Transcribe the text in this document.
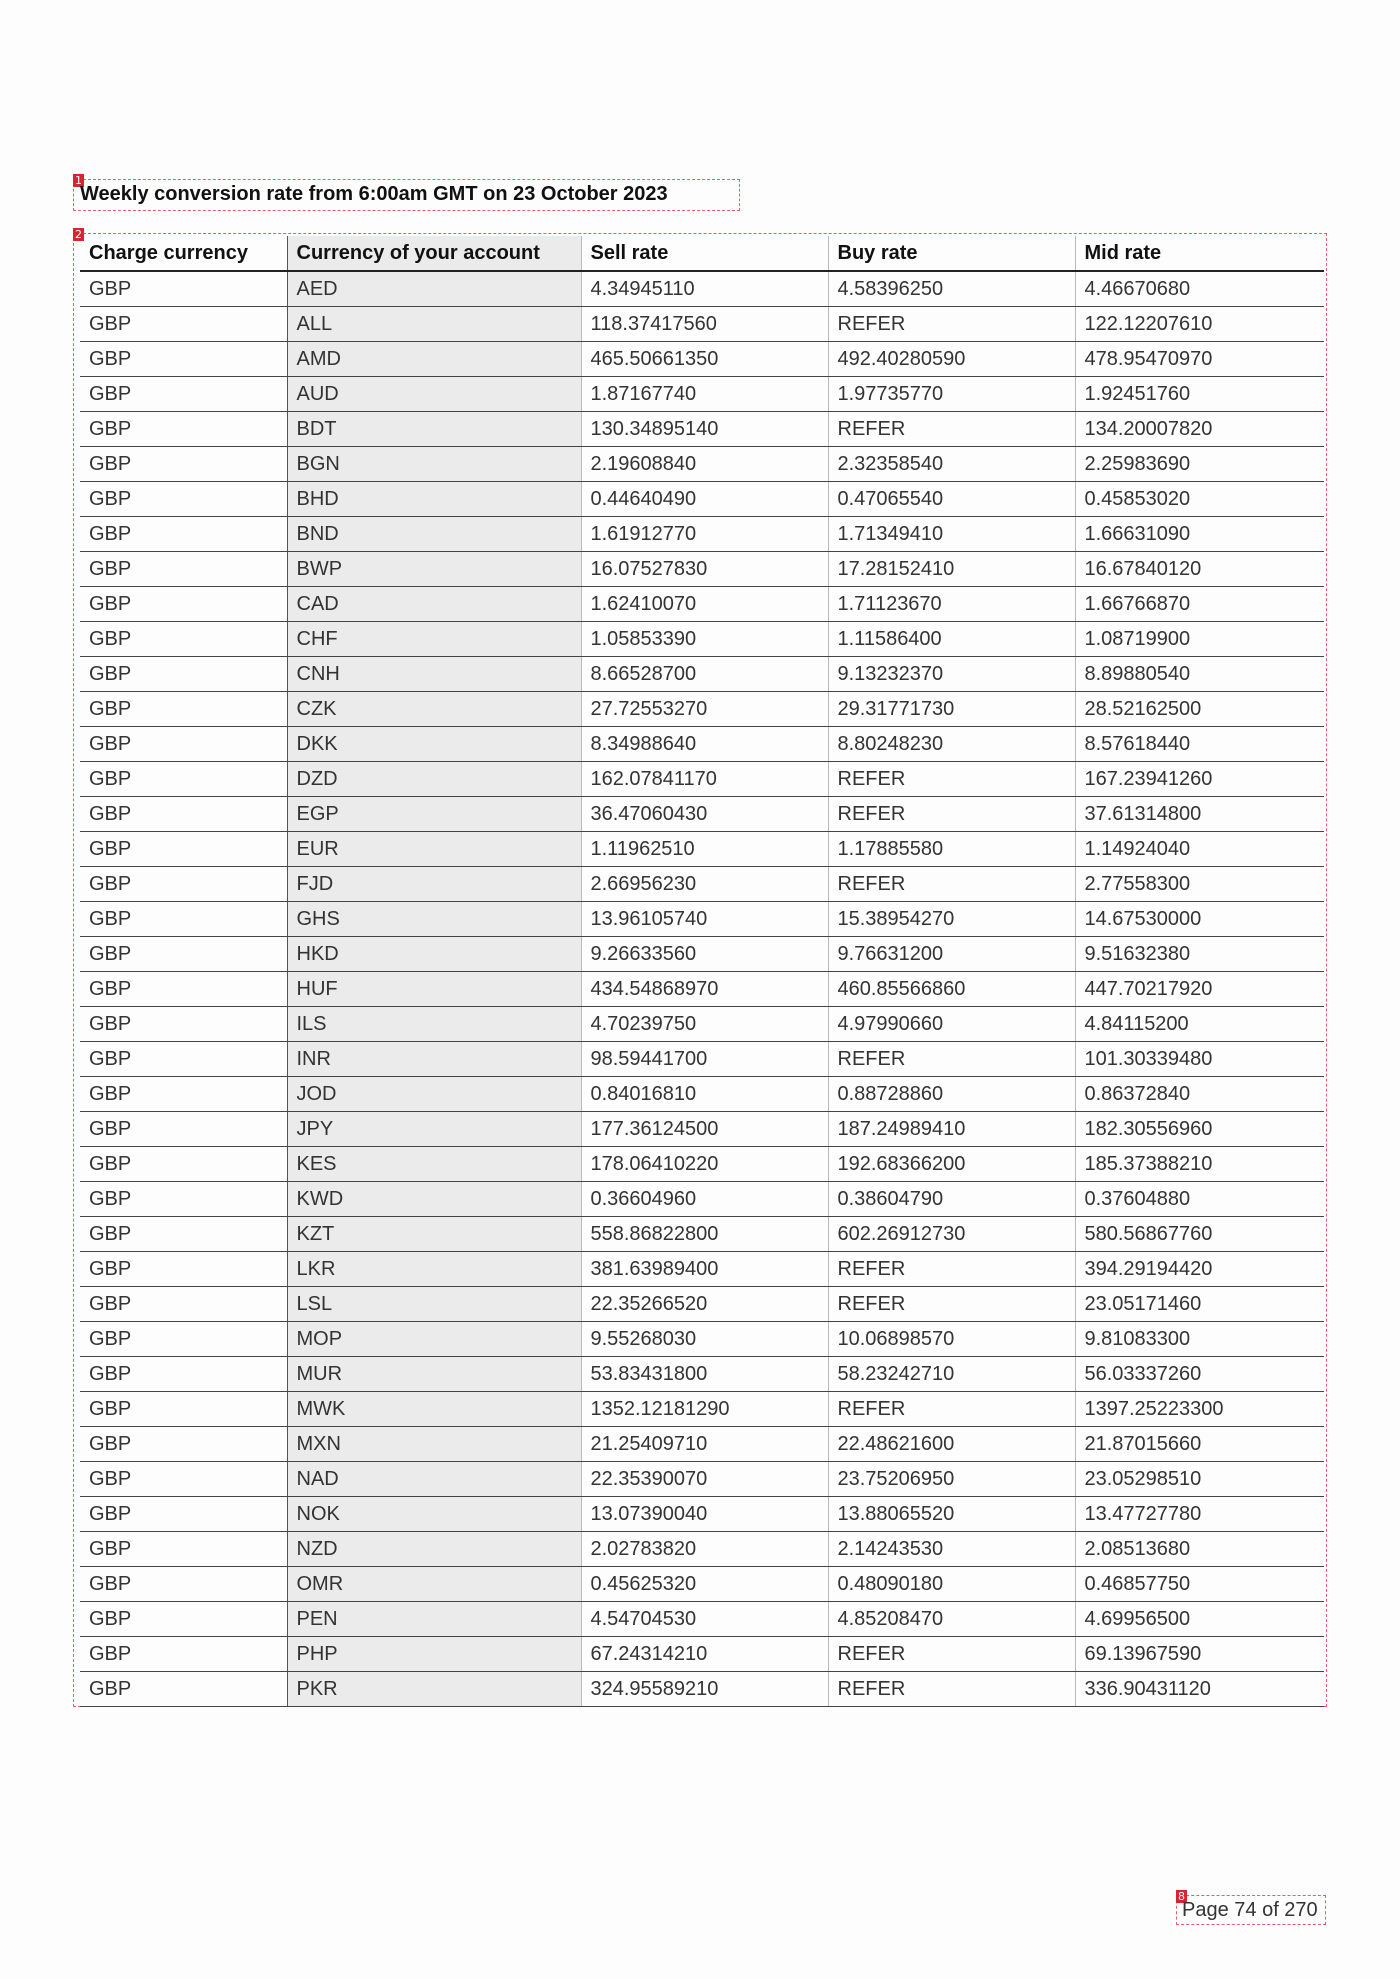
1
2
8
Weekly conversion rate from 6:00am GMT on 23 October 2023
Charge currency	Currency of your account	Sell rate	Buy rate	Mid rate
GBP	AED	4.34945110	4.58396250	4.46670680
GBP	ALL	118.37417560	REFER	122.12207610
GBP	AMD	465.50661350	492.40280590	478.95470970
GBP	AUD	1.87167740	1.97735770	1.92451760
GBP	BDT	130.34895140	REFER	134.20007820
GBP	BGN	2.19608840	2.32358540	2.25983690
GBP	BHD	0.44640490	0.47065540	0.45853020
GBP	BND	1.61912770	1.71349410	1.66631090
GBP	BWP	16.07527830	17.28152410	16.67840120
GBP	CAD	1.62410070	1.71123670	1.66766870
GBP	CHF	1.05853390	1.11586400	1.08719900
GBP	CNH	8.66528700	9.13232370	8.89880540
GBP	CZK	27.72553270	29.31771730	28.52162500
GBP	DKK	8.34988640	8.80248230	8.57618440
GBP	DZD	162.07841170	REFER	167.23941260
GBP	EGP	36.47060430	REFER	37.61314800
GBP	EUR	1.11962510	1.17885580	1.14924040
GBP	FJD	2.66956230	REFER	2.77558300
GBP	GHS	13.96105740	15.38954270	14.67530000
GBP	HKD	9.26633560	9.76631200	9.51632380
GBP	HUF	434.54868970	460.85566860	447.70217920
GBP	ILS	4.70239750	4.97990660	4.84115200
GBP	INR	98.59441700	REFER	101.30339480
GBP	JOD	0.84016810	0.88728860	0.86372840
GBP	JPY	177.36124500	187.24989410	182.30556960
GBP	KES	178.06410220	192.68366200	185.37388210
GBP	KWD	0.36604960	0.38604790	0.37604880
GBP	KZT	558.86822800	602.26912730	580.56867760
GBP	LKR	381.63989400	REFER	394.29194420
GBP	LSL	22.35266520	REFER	23.05171460
GBP	MOP	9.55268030	10.06898570	9.81083300
GBP	MUR	53.83431800	58.23242710	56.03337260
GBP	MWK	1352.12181290	REFER	1397.25223300
GBP	MXN	21.25409710	22.48621600	21.87015660
GBP	NAD	22.35390070	23.75206950	23.05298510
GBP	NOK	13.07390040	13.88065520	13.47727780
GBP	NZD	2.02783820	2.14243530	2.08513680
GBP	OMR	0.45625320	0.48090180	0.46857750
GBP	PEN	4.54704530	4.85208470	4.69956500
GBP	PHP	67.24314210	REFER	69.13967590
GBP	PKR	324.95589210	REFER	336.90431120
Page 74 of 270
